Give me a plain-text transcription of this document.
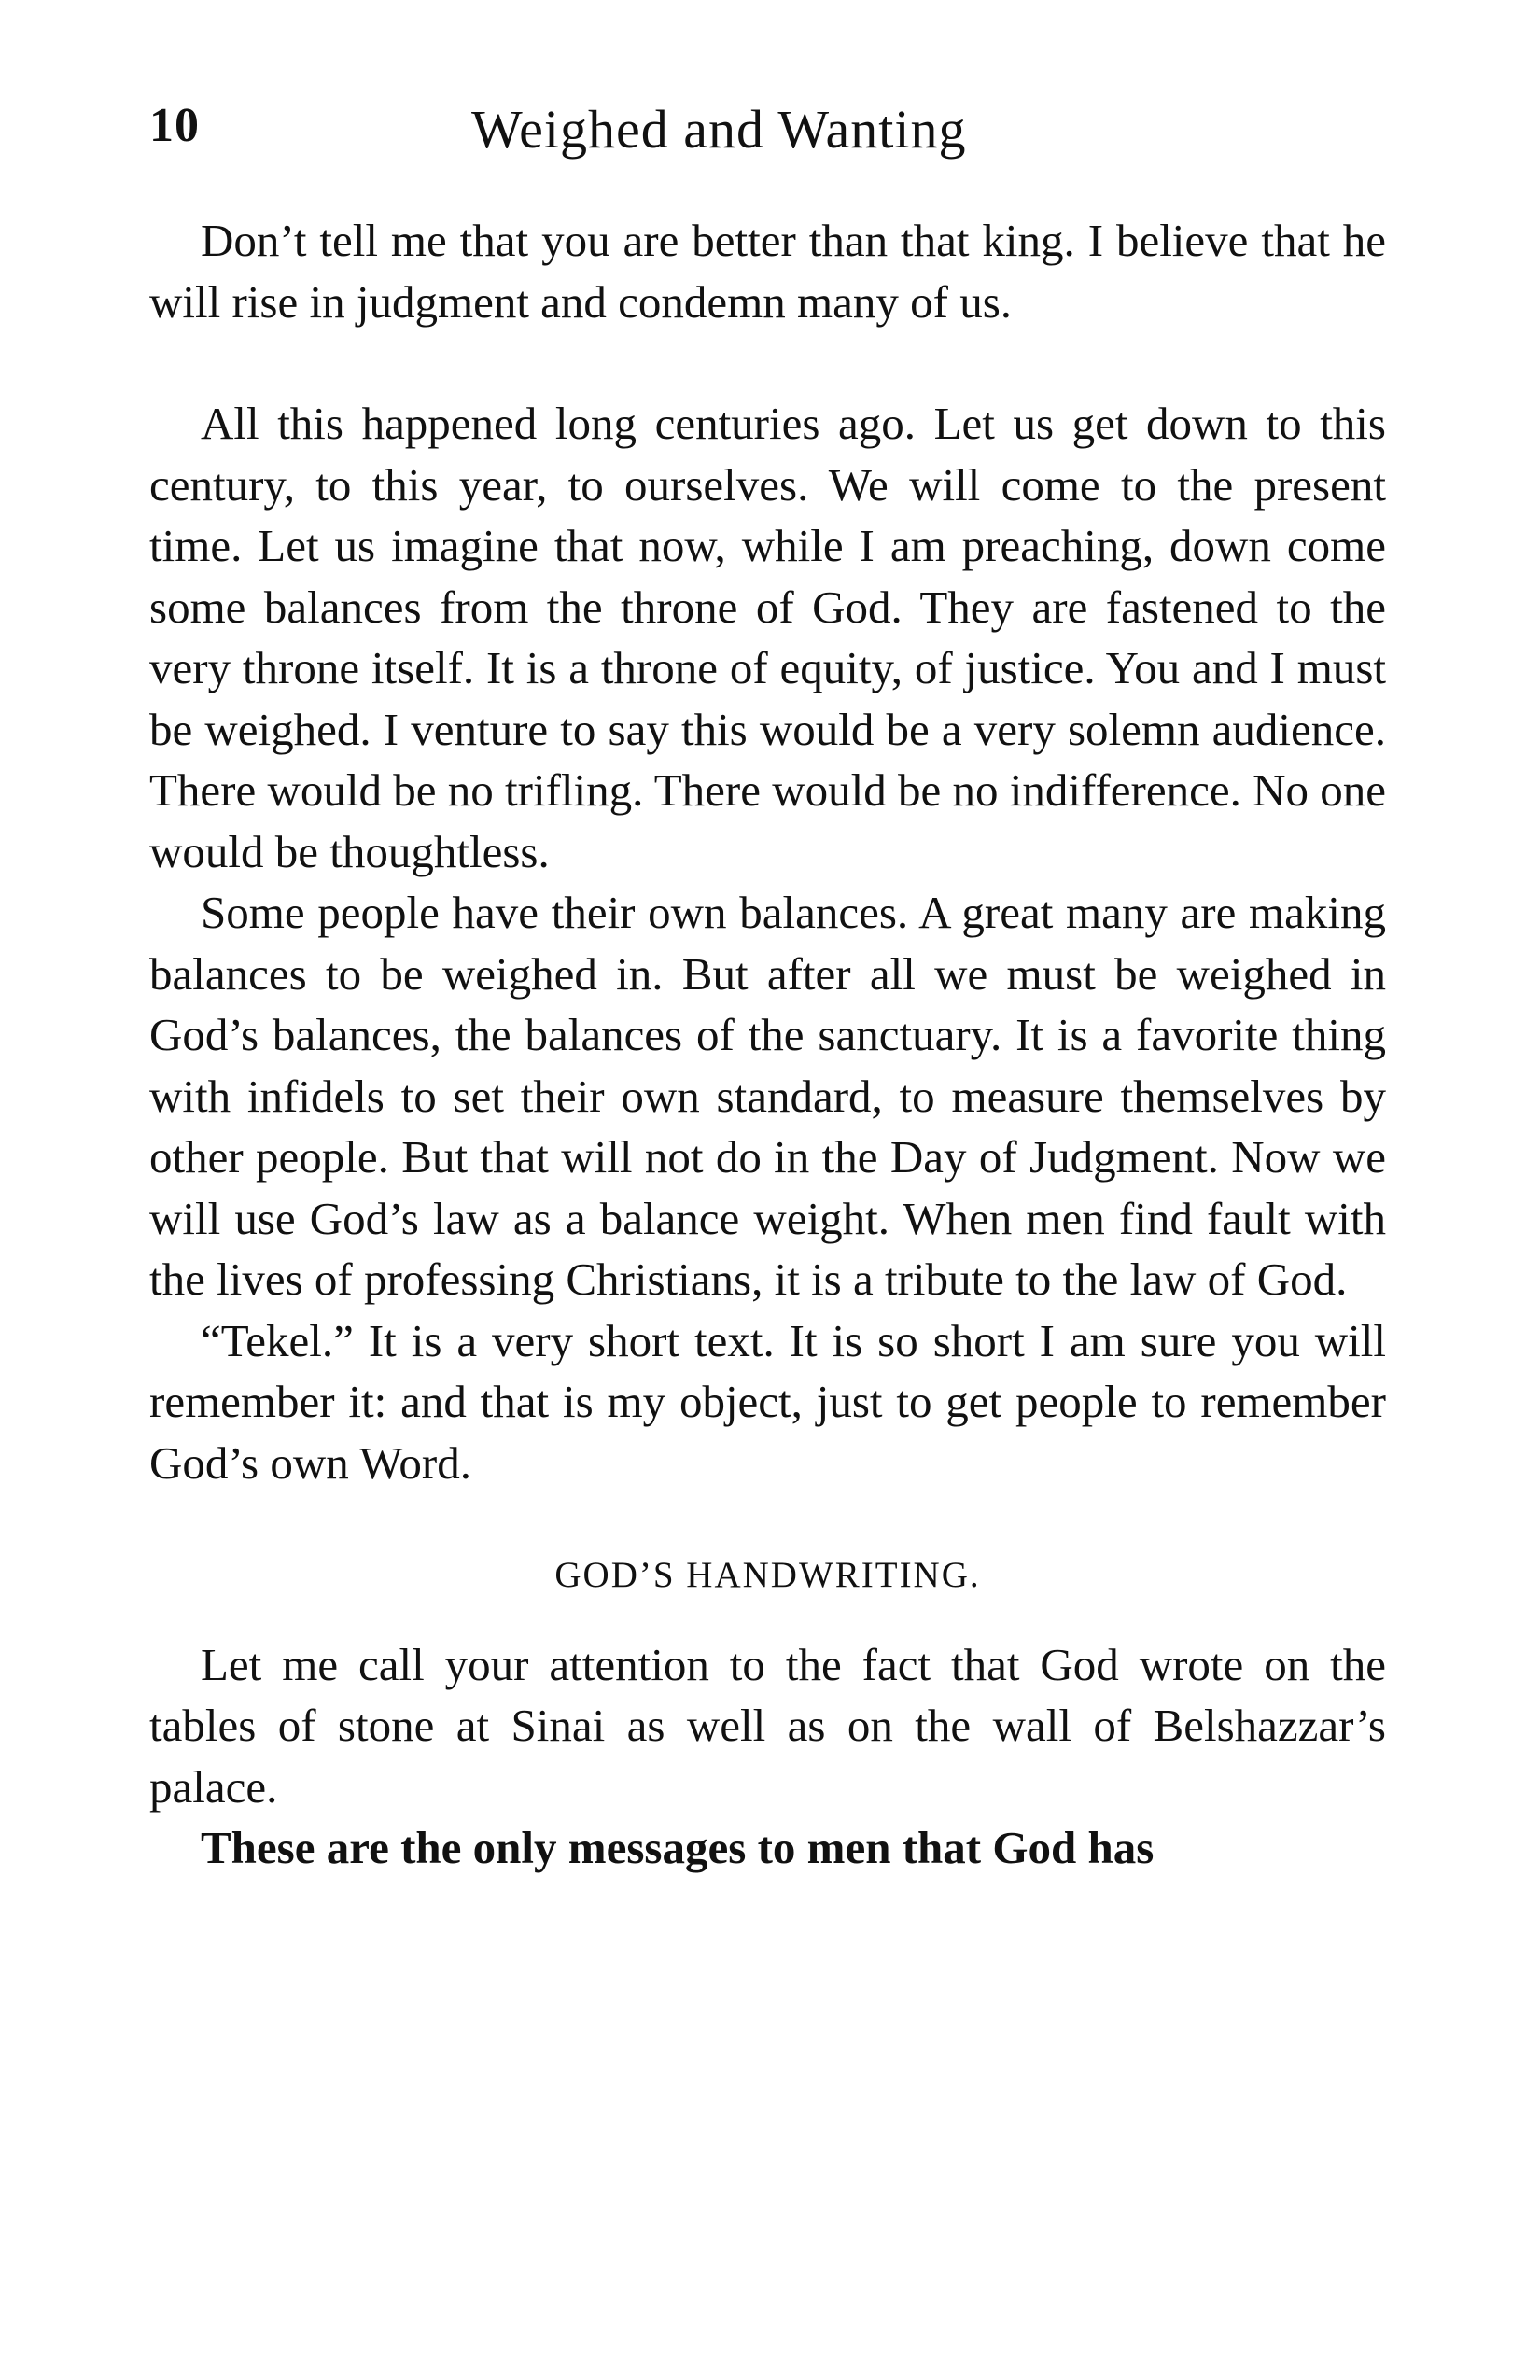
10	Weighed and Wanting

Don’t tell me that you are better than that king. I believe that he will rise in judgment and condemn many of us.

All this happened long centuries ago. Let us get down to this century, to this year, to ourselves. We will come to the present time. Let us imagine that now, while I am preaching, down come some balances from the throne of God. They are fastened to the very throne itself. It is a throne of equity, of justice. You and I must be weighed. I venture to say this would be a very solemn audience. There would be no trifling. There would be no indifference. No one would be thoughtless.

Some people have their own balances. A great many are making balances to be weighed in. But after all we must be weighed in God’s balances, the balances of the sanctuary. It is a favorite thing with infidels to set their own standard, to measure themselves by other people. But that will not do in the Day of Judgment. Now we will use God’s law as a balance weight. When men find fault with the lives of professing Christians, it is a tribute to the law of God.

“Tekel.” It is a very short text. It is so short I am sure you will remember it: and that is my object, just to get people to remember God’s own Word.

GOD’S HANDWRITING.

Let me call your attention to the fact that God wrote on the tables of stone at Sinai as well as on the wall of Belshazzar’s palace.

These are the only messages to men that God has
